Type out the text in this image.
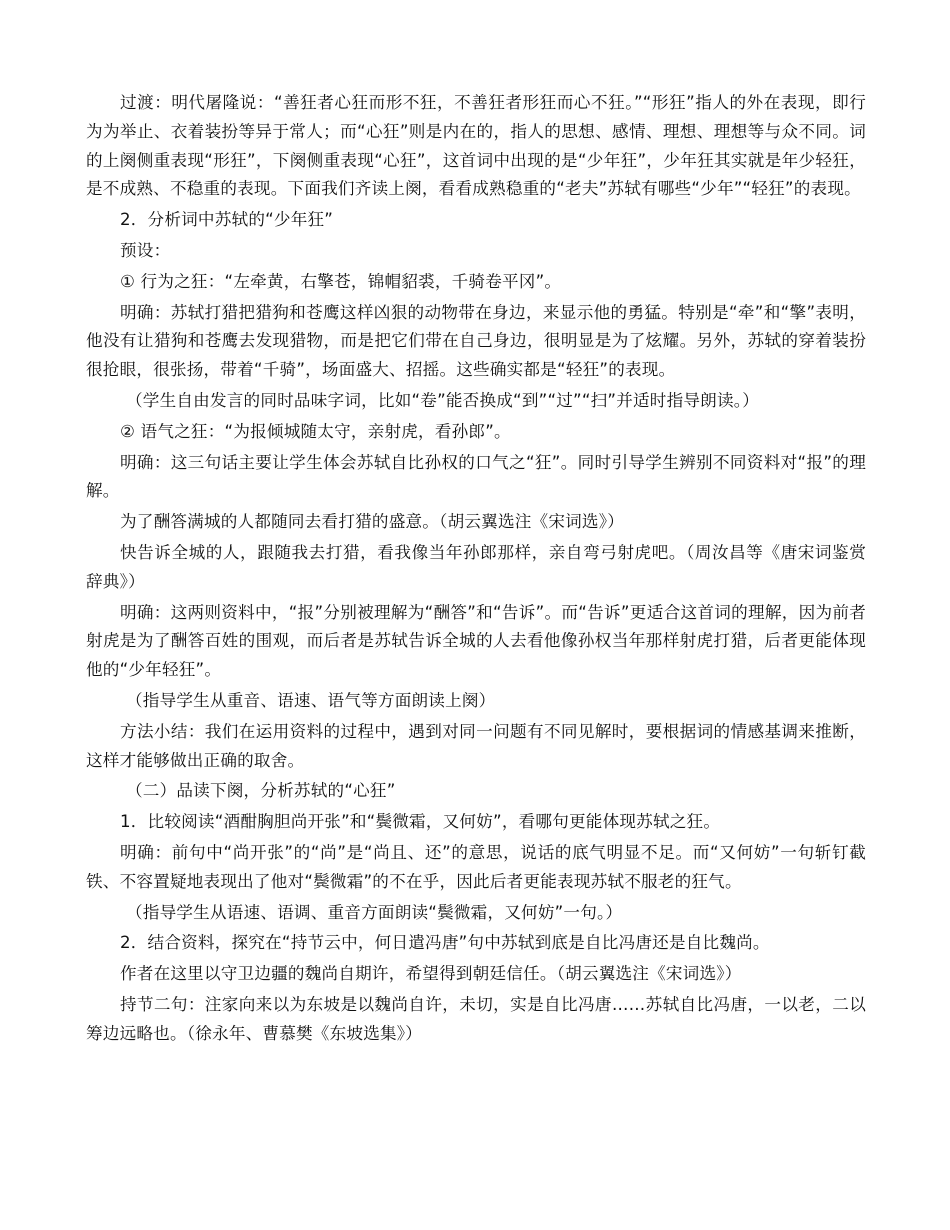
过渡：明代屠隆说：“善狂者心狂而形不狂，不善狂者形狂而心不狂。”“形狂”指人的外在表现，即行为为举止、衣着装扮等异于常人；而“心狂”则是内在的，指人的思想、感情、理想、理想等与众不同。词的上阕侧重表现“形狂”，下阕侧重表现“心狂”，这首词中出现的是“少年狂”，少年狂其实就是年少轻狂，是不成熟、不稳重的表现。下面我们齐读上阕，看看成熟稳重的“老夫”苏轼有哪些“少年”“轻狂”的表现。

2．分析词中苏轼的“少年狂”

预设：

① 行为之狂：“左牵黄，右擎苍，锦帽貂裘，千骑卷平冈”。

明确：苏轼打猎把猎狗和苍鹰这样凶狠的动物带在身边，来显示他的勇猛。特别是“牵”和“擎”表明，他没有让猎狗和苍鹰去发现猎物，而是把它们带在自己身边，很明显是为了炫耀。另外，苏轼的穿着装扮很抢眼，很张扬，带着“千骑”，场面盛大、招摇。这些确实都是“轻狂”的表现。

（学生自由发言的同时品味字词，比如“卷”能否换成“到”“过”“扫”并适时指导朗读。）

② 语气之狂：“为报倾城随太守，亲射虎，看孙郎”。

明确：这三句话主要让学生体会苏轼自比孙权的口气之“狂”。同时引导学生辨别不同资料对“报”的理解。

为了酬答满城的人都随同去看打猎的盛意。（胡云翼选注《宋词选》）

快告诉全城的人，跟随我去打猎，看我像当年孙郎那样，亲自弯弓射虎吧。（周汝昌等《唐宋词鉴赏辞典》）

明确：这两则资料中，“报”分别被理解为“酬答”和“告诉”。而“告诉”更适合这首词的理解，因为前者射虎是为了酬答百姓的围观，而后者是苏轼告诉全城的人去看他像孙权当年那样射虎打猎，后者更能体现他的“少年轻狂”。

（指导学生从重音、语速、语气等方面朗读上阕）

方法小结：我们在运用资料的过程中，遇到对同一问题有不同见解时，要根据词的情感基调来推断，这样才能够做出正确的取舍。

（二）品读下阕，分析苏轼的“心狂”

1．比较阅读“酒酣胸胆尚开张”和“鬓微霜，又何妨”，看哪句更能体现苏轼之狂。

明确：前句中“尚开张”的“尚”是“尚且、还”的意思，说话的底气明显不足。而“又何妨”一句斩钉截铁、不容置疑地表现出了他对“鬓微霜”的不在乎，因此后者更能表现苏轼不服老的狂气。

（指导学生从语速、语调、重音方面朗读“鬓微霜，又何妨”一句。）

2．结合资料，探究在“持节云中，何日遣冯唐”句中苏轼到底是自比冯唐还是自比魏尚。

作者在这里以守卫边疆的魏尚自期许，希望得到朝廷信任。（胡云翼选注《宋词选》）

持节二句：注家向来以为东坡是以魏尚自许，未切，实是自比冯唐……苏轼自比冯唐，一以老，二以筹边远略也。（徐永年、曹慕樊《东坡选集》）
